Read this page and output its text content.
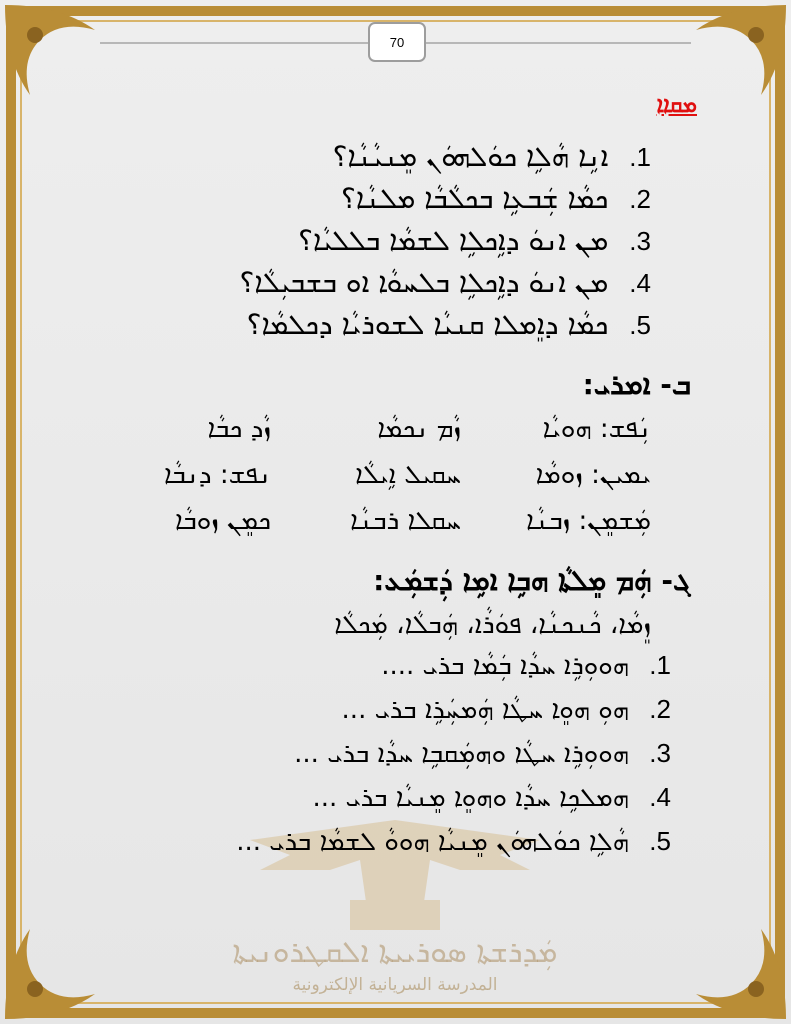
70
ܡܲܕܪܫܬܐ ܣܘܪܝܝܬܐ ܐܠܩܛܪܘܢܝܬܐ
المدرسة السريانية الإلكترونية
ܡܩܐܐ
1. ܐܢܹܐ ܗܵܠܹܐ ܟܘܿܠܗܘܿܢ ܡܸܢܝܵܢܵܐ؟
2. ܟܡܵܐ ܫܲܒܥܹܐ ܒܟܠܵܒܵܐ ܡܠܢܵܐ؟
3. ܡܢ ܐܢܘܿ ܕܐܹܟܠܹܐ ܠܫܡܵܐ ܒܠܠܝܵܐ؟
4. ܡܢ ܐܢܘܿ ܕܐܹܟܠܹܐ ܒܠܚܘܵܐ ܐܘ ܒܫܒܝܼܠܵܐ؟
5. ܟܡܵܐ ܕܐܸܡܠܐ ܩܢܝܵܐ ܠܫܘܪܝܵܐ ܕܟܠܡܵܐ؟
ܒ- ܐܡܪܝ:
ܢܲܦܫ: ܗܘܝܵܐ
ܙܵܡ ܢܟܡܵܐ
ܙܵܕ ܟܒܵܐ
ܝܡܝܢ: ܙܘܡܵܐ
ܚܩܝܠ ܐܹܝܠܵܐ
ܢܦܫ: ܕܢܒܵܐ
ܡܲܫܡܸܢ: ܙܒܢܵܐ
ܚܩܠܐ ܪܒܢܵܐ
ܟܡܸܢ ܙܘܒܵܐ
ܓ- ܗܲܡ ܡܸܠܬܵܐ ܗܒܹܐ ܐܡܹܐ ܕܲܫܡܲܥ:
ܙܸܡܵܐ، ܟܵܢܟܢܵܐ، ܦܘܿܪܵܐ، ܗܲܒܠܵܐ، ܡܲܟܠܵܐ
1. ܗܘܘܼܪܹܐ ܚܕܵܐ ܒܲܡܵܐ ܒܪܝ ....
2. ܗܘܼ ܗܘܸܐ ܚܛܵܐ ܗܲܡܚܲܪܹܐ ܒܪܝ ...
3. ܗܘܘܼܪܹܐ ܚܛܵܐ ܘܗܡܲܩܒܹܐ ܚܕܵܐ ܒܪܝ ...
4. ܗܡܠܟܹܐ ܚܕܵܐ ܘܗܘܸܐ ܡܸܢܝܵܐ ܒܪܝ ...
5. ܗܵܠܹܐ ܟܘܿܠܗܘܿܢ ܡܸܢܝܵܐ ܗܘܘܵ ܠܫܡܵܐ ܒܪܝ ...
